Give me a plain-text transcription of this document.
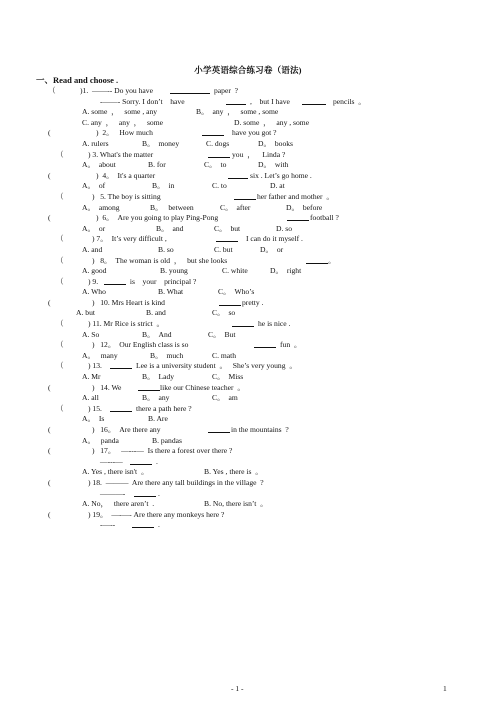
小学英语综合练习卷（语法)
一、Read and choose .
（	)1.  ——-- Do you have	paper  ?
-——- Sorry. I don’t    have	,    but I have	pencils  。
A. some  ，   some , any	B。  any  ，   some , some
C. any  ，   any  ，   some	D. some  ，   any , some
(	)  2。   How much	have you got ?
A. rulers	B。  money	C. dogs	D。  books
（	) 3. What's the matter	you  ，    Linda ?
A。  about	B. for	C。  to	D。  with
(	)  4。  It's a quarter	six . Let’s go home .
A。  of	B。  in	C. to	D. at
（	)   5. The boy is sitting	her father and mother  。
A。  among	B。   between	C。  after	D。  before
(	)  6。  Are you going to play Ping-Pong	football ?
A。  or	B。  and	C。  but	D. so
（	) 7。  It’s very difficult ,	I can do it myself .
A. and	B. so	C. but	D。  or
（	)   8。  The woman is old  ，   but she looks	。
A. good	B. young	C. white	D。  right
（	) 9.	is    your    principal ?
A. Who	B. What	C。  Who’s
(	)   10. Mrs Heart is kind	pretty .
A. but	B. and	C。  so
（	) 11. Mr Rice is strict  。	he is nice .
A. So	B。  And	C。  But
（	)   12。  Our English class is so	fun  。
A。   many	B。  much	C. math
（	) 13.	Lee is a university student  。   She’s very young  。
A. Mr	B。  Lady	C。  Miss
(	)   14. We	like our Chinese teacher  。
A. all	B。  any	C。  am
（	) 15.	there a path here ?
A。  Is	B. Are
(	)   16。  Are there any	in the mountains  ?
A。   panda	B. pandas
(	)   17。   —---—  Is there a forest over there ?
—---—	.
A. Yes , there isn't  。	B. Yes , there is  。
(	) 18.  ———  Are there any tall buildings in the village  ?
———-	.
A. No，   there aren’t  .	B. No, there isn’t  。
(	) 19。  —-—- Are there any monkeys here ?
-—--	.
- 1 -	1
